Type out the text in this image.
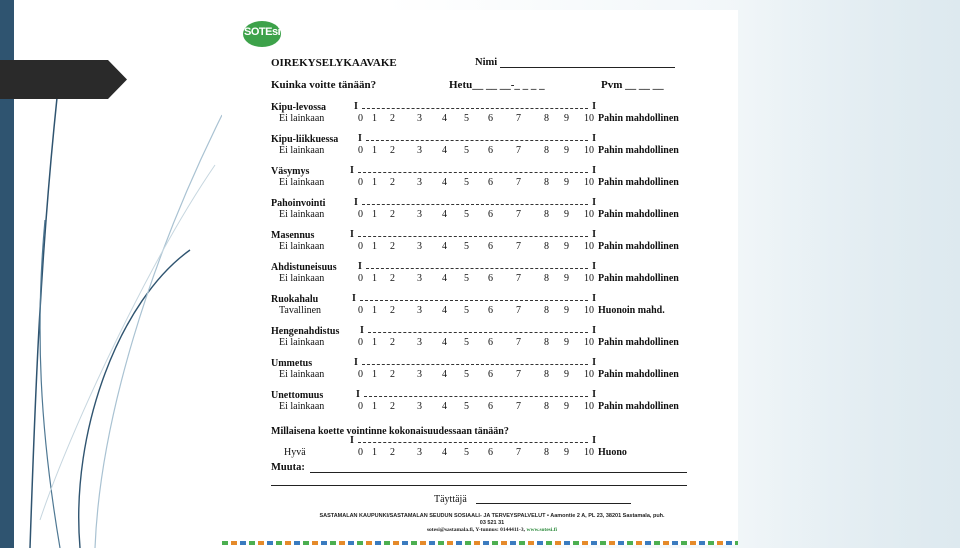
SOTEsi
OIREKYSELYKAAVAKE	Nimi
Kuinka voitte tänään?	Hetu__ __ __-_ _ _ _	Pvm __ __ __
Kipu-levossa	I	I
Ei lainkaan	0 1 2 3 4 5 6 7 8 9 10 Pahin mahdollinen
Kipu-liikkuessa I	I
Ei lainkaan	0 1 2 3 4 5 6 7 8 9 10 Pahin mahdollinen
Väsymys	I	I
Ei lainkaan	0 1 2 3 4 5 6 7 8 9 10 Pahin mahdollinen
Pahoinvointi	I	I
Ei lainkaan	0 1 2 3 4 5 6 7 8 9 10 Pahin mahdollinen
Masennus	I	I
Ei lainkaan	0 1 2 3 4 5 6 7 8 9 10 Pahin mahdollinen
Ahdistuneisuus I	I
Ei lainkaan	0 1 2 3 4 5 6 7 8 9 10 Pahin mahdollinen
Ruokahalu	I	I
Tavallinen	0 1 2 3 4 5 6 7 8 9 10 Huonoin mahd.
Hengenahdistus I	I
Ei lainkaan	0 1 2 3 4 5 6 7 8 9 10 Pahin mahdollinen
Ummetus	I	I
Ei lainkaan	0 1 2 3 4 5 6 7 8 9 10 Pahin mahdollinen
Unettomuus	I	I
Ei lainkaan	0 1 2 3 4 5 6 7 8 9 10 Pahin mahdollinen
Millaisena koette vointinne kokonaisuudessaan tänään?
I	I
Hyvä	0 1 2 3 4 5 6 7 8 9 10 Huono
Muuta:
Täyttäjä
SASTAMALAN KAUPUNKI/SASTAMALAN SEUDUN SOSIAALI- JA TERVEYSPALVELUT • Aamontie 2 A, PL 23, 38201 Sastamala, puh.
03 521 31
sotesi@sastamala.fi, Y-tunnus: 0144411-3, www.sotesi.fi
